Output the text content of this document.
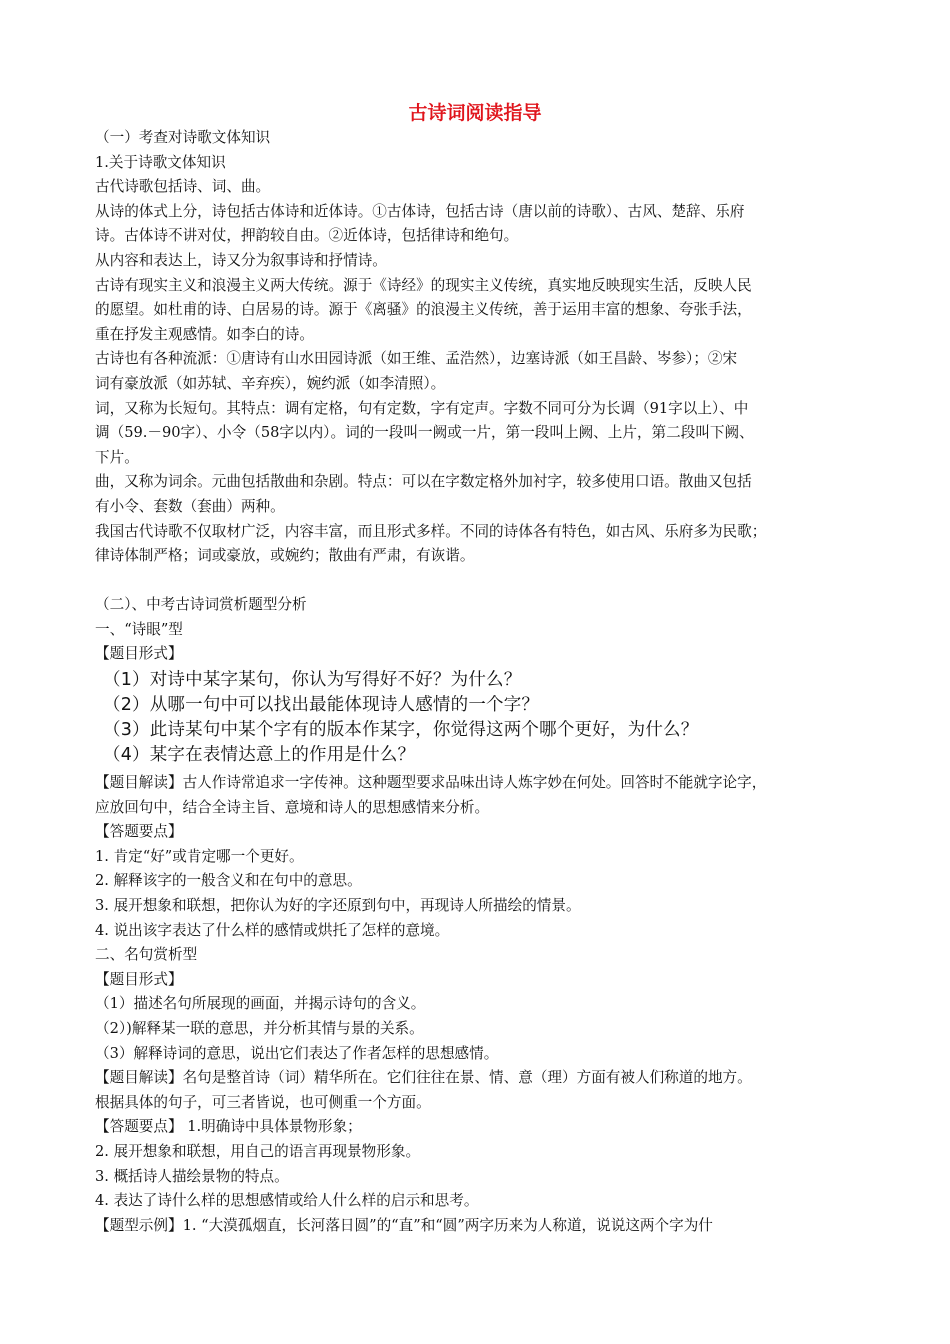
古诗词阅读指导

（一）考查对诗歌文体知识

1.关于诗歌文体知识

古代诗歌包括诗、词、曲。

从诗的体式上分，诗包括古体诗和近体诗。①古体诗，包括古诗（唐以前的诗歌）、古风、楚辞、乐府

诗。古体诗不讲对仗，押韵较自由。②近体诗，包括律诗和绝句。

从内容和表达上，诗又分为叙事诗和抒情诗。

古诗有现实主义和浪漫主义两大传统。源于《诗经》的现实主义传统，真实地反映现实生活，反映人民

的愿望。如杜甫的诗、白居易的诗。源于《离骚》的浪漫主义传统，善于运用丰富的想象、夸张手法，

重在抒发主观感情。如李白的诗。

古诗也有各种流派：①唐诗有山水田园诗派（如王维、孟浩然），边塞诗派（如王昌龄、岑参）；②宋

词有豪放派（如苏轼、辛弃疾），婉约派（如李清照）。

词，又称为长短句。其特点：调有定格，句有定数，字有定声。字数不同可分为长调（91字以上）、中

调（59.－90字）、小令（58字以内）。词的一段叫一阙或一片，第一段叫上阙、上片，第二段叫下阙、

下片。

曲，又称为词余。元曲包括散曲和杂剧。特点：可以在字数定格外加衬字，较多使用口语。散曲又包括

有小令、套数（套曲）两种。

我国古代诗歌不仅取材广泛，内容丰富，而且形式多样。不同的诗体各有特色，如古风、乐府多为民歌；

律诗体制严格；词或豪放，或婉约；散曲有严肃，有诙谐。

（二）、中考古诗词赏析题型分析

一、“诗眼”型

【题目形式】

（1）对诗中某字某句，你认为写得好不好？为什么？

（2）从哪一句中可以找出最能体现诗人感情的一个字？

（3）此诗某句中某个字有的版本作某字，你觉得这两个哪个更好，为什么？

（4）某字在表情达意上的作用是什么？

【题目解读】古人作诗常追求一字传神。这种题型要求品味出诗人炼字妙在何处。回答时不能就字论字，

应放回句中，结合全诗主旨、意境和诗人的思想感情来分析。

【答题要点】

1. 肯定“好”或肯定哪一个更好。

2. 解释该字的一般含义和在句中的意思。

3. 展开想象和联想，把你认为好的字还原到句中，再现诗人所描绘的情景。

4. 说出该字表达了什么样的感情或烘托了怎样的意境。

二、名句赏析型

【题目形式】

（1）描述名句所展现的画面，并揭示诗句的含义。

（2）)解释某一联的意思，并分析其情与景的关系。

（3）解释诗词的意思，说出它们表达了作者怎样的思想感情。

【题目解读】名句是整首诗（词）精华所在。它们往往在景、情、意（理）方面有被人们称道的地方。

根据具体的句子，可三者皆说，也可侧重一个方面。

【答题要点】 1.明确诗中具体景物形象；

2. 展开想象和联想，用自己的语言再现景物形象。

3. 概括诗人描绘景物的特点。

4. 表达了诗什么样的思想感情或给人什么样的启示和思考。

【题型示例】1. “大漠孤烟直，长河落日圆”的“直”和“圆”两字历来为人称道，说说这两个字为什
